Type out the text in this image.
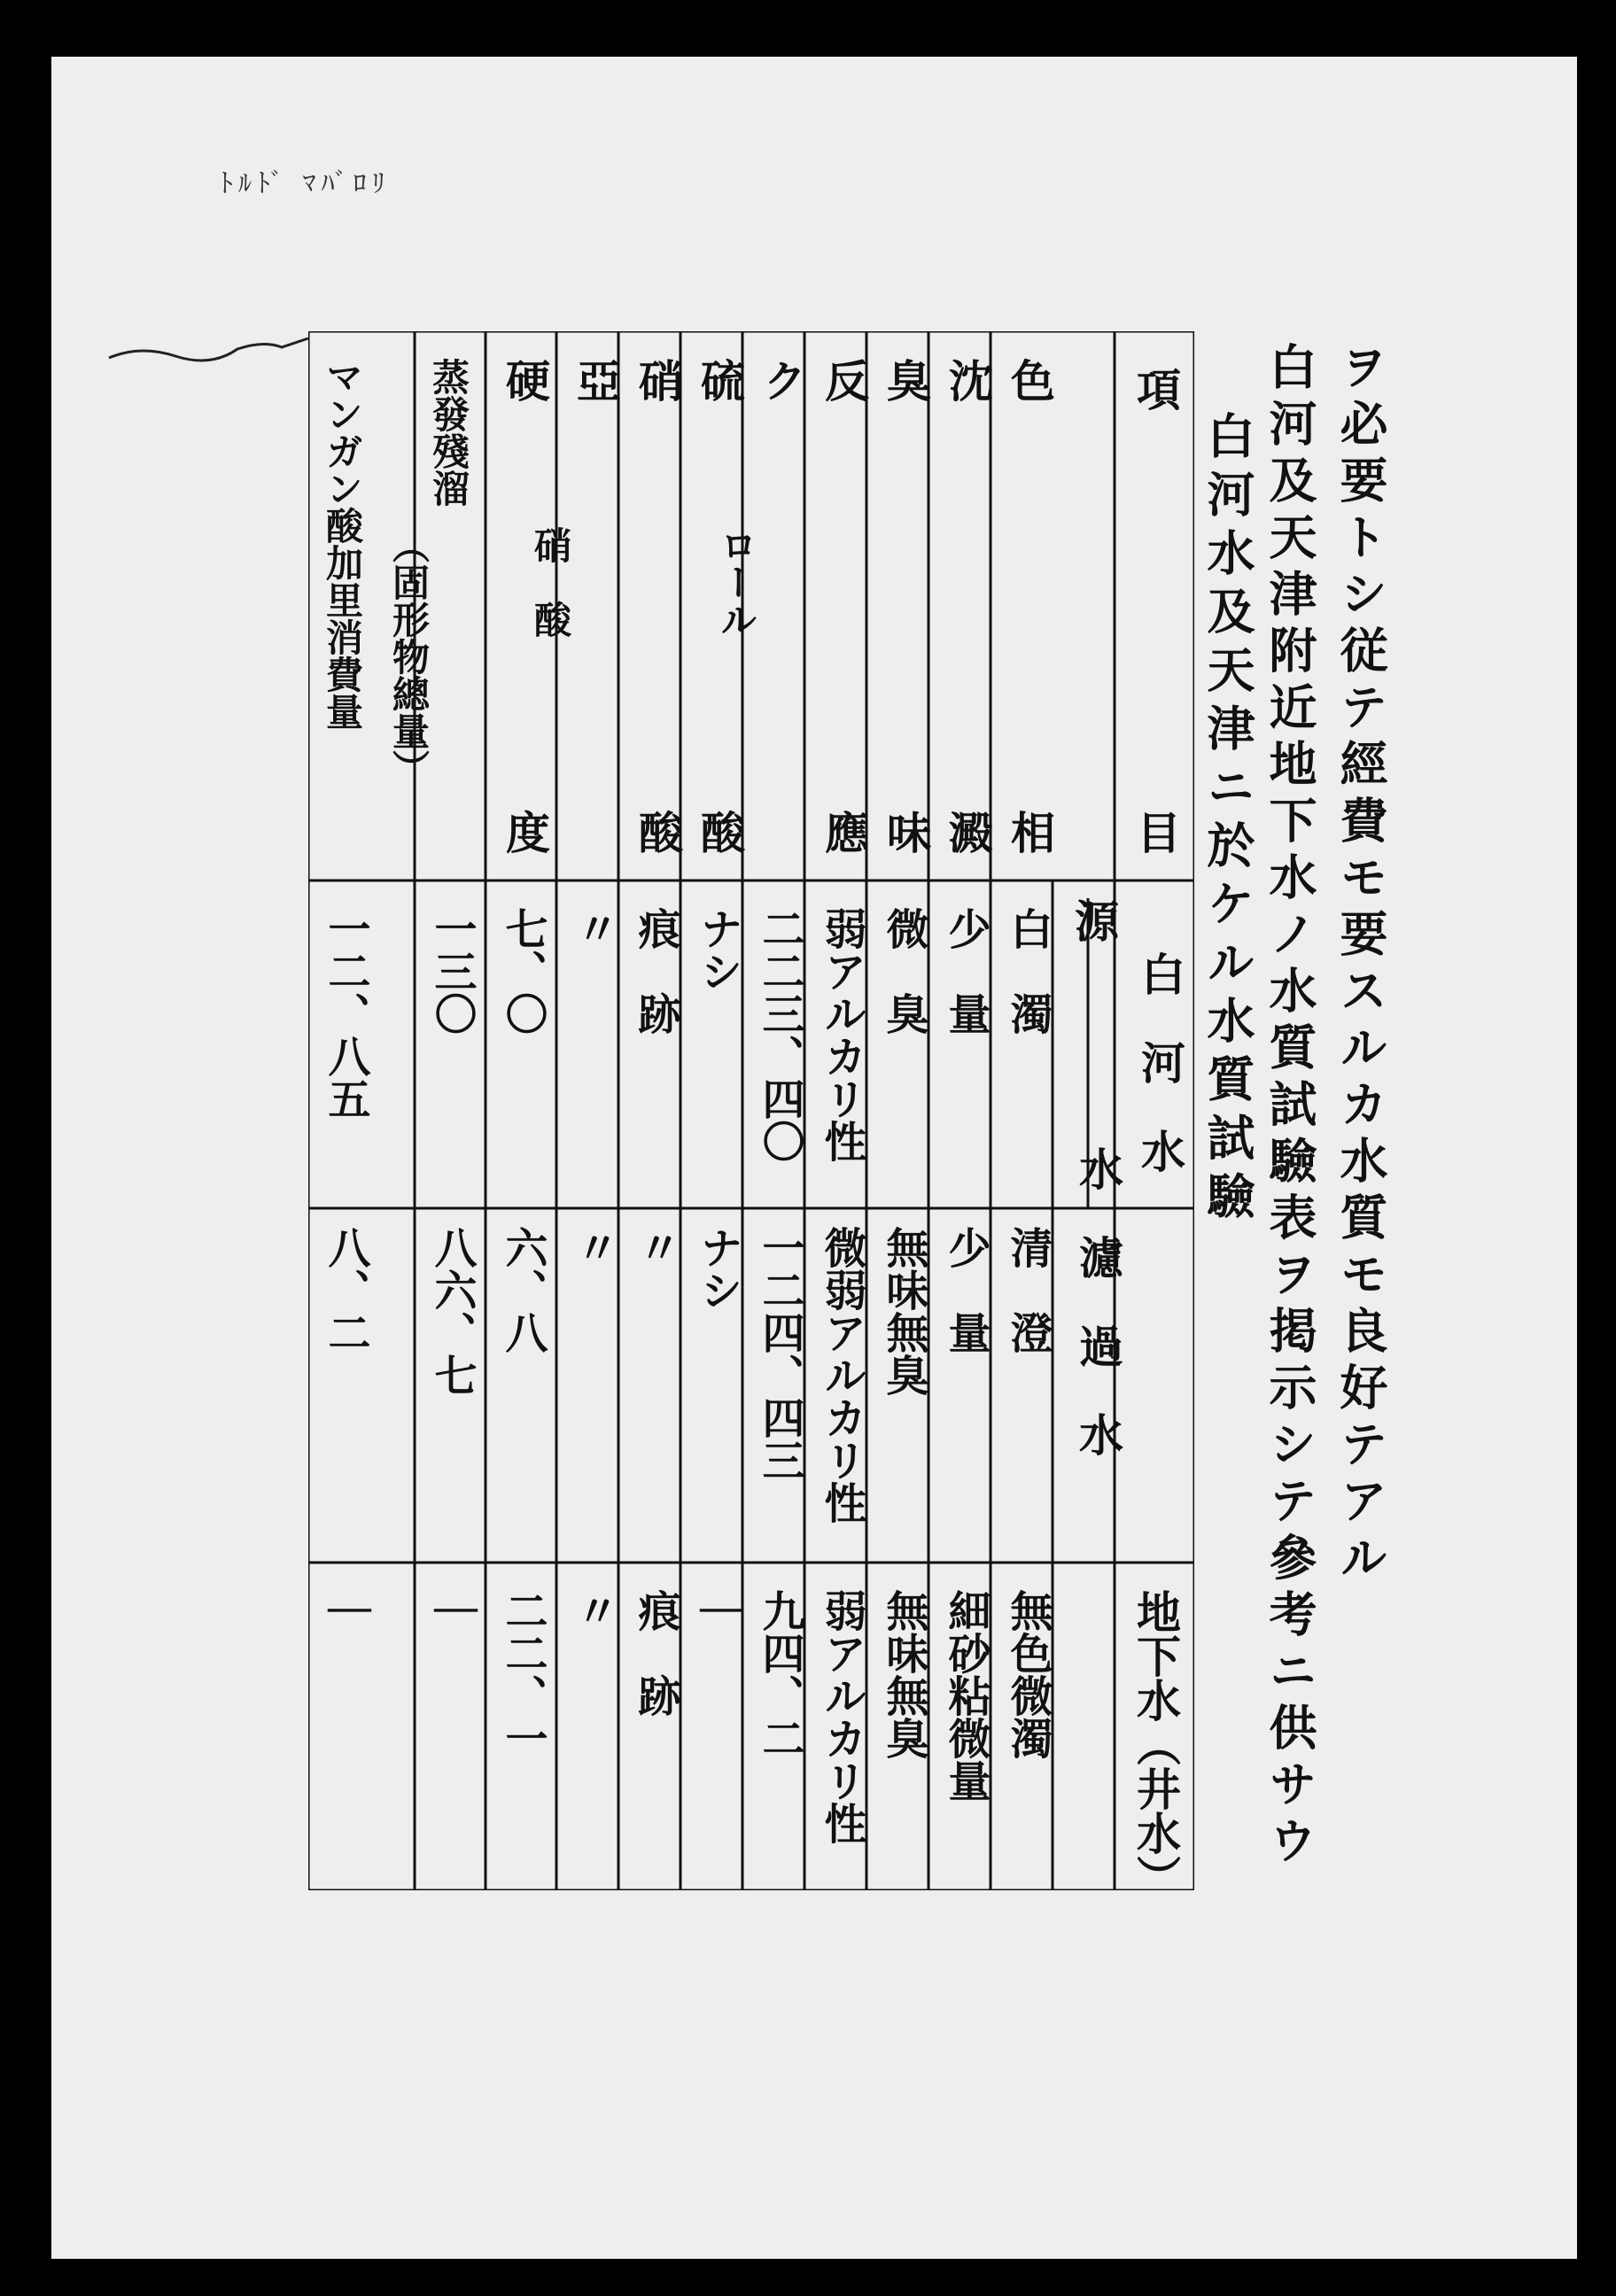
ﾄﾙﾄﾞ ﾏﾊﾞﾛﾘ
ヲ必要トシ従テ經費モ要スルカ水質モ良好テアル
白河及天津附近地下水ノ水質試驗表ヲ掲示シテ參考ニ供サウ
白河水及天津ニ於ケル水質試驗
項
目
源
白　河　水
水
濾　過　水
地下水（井水）
色
相
白　濁
清　澄
無色微濁
沈
澱
少　量
少　量
細砂粘微量
臭
味
微　臭
無味無臭
無味無臭
反
應
弱アルカリ性
微弱アルカリ性
弱アルカリ性
ク
ロール
二二三、四〇
一二四、四三
九四、二
硫
酸
ナシ
ナシ
｜
硝
酸
痕　跡
〃
痕　跡
亞
硝　酸
〃
〃
〃
硬
度
七、〇
六、八
二二、一
蒸發殘溜
（固形物總量）
一三〇
八六、七
｜
マンガン酸加里消費量
一二、八五
八、二
｜
